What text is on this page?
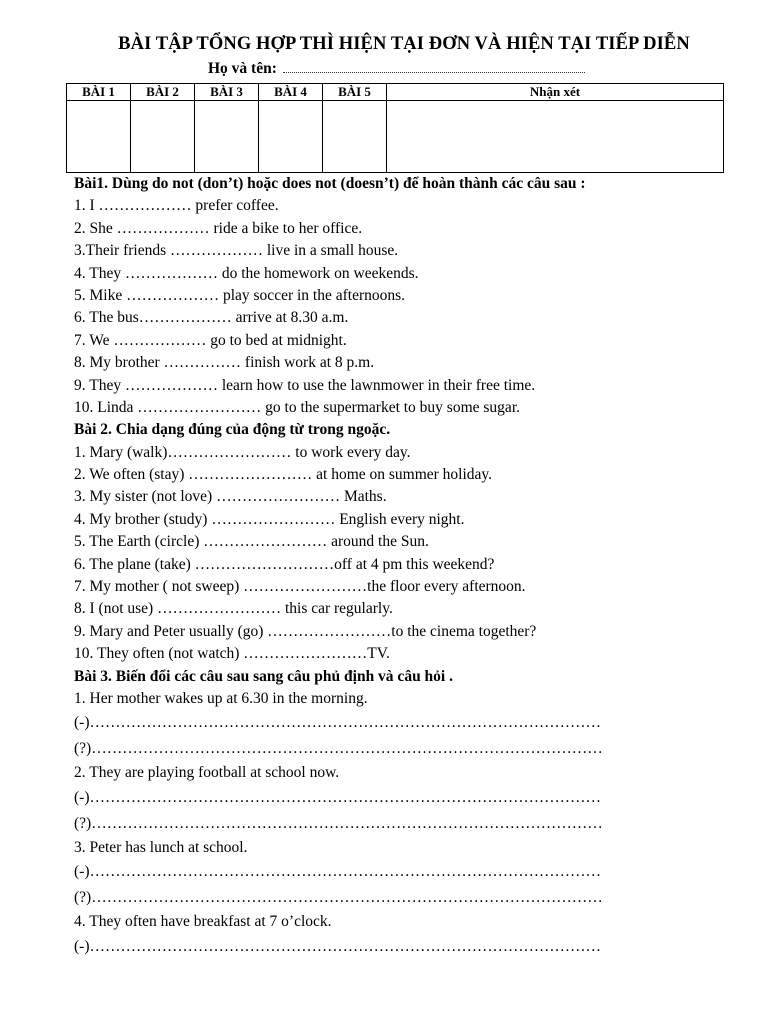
BÀI TẬP TỔNG HỢP THÌ HIỆN TẠI ĐƠN VÀ HIỆN TẠI TIẾP DIỄN
Họ và tên:
BÀI 1	BÀI 2	BÀI 3	BÀI 4	BÀI 5	Nhận xét

Bài1. Dùng do not (don’t) hoặc does not (doesn’t) để hoàn thành các câu sau :
1. I ……………… prefer coffee.
2. She ……………… ride a bike to her office.
3.Their friends ……………… live in a small house.
4. They ……………… do the homework on weekends.
5. Mike ……………… play soccer in the afternoons.
6. The bus……………… arrive at 8.30 a.m.
7. We ……………… go to bed at midnight.
8. My brother …………… finish work at 8 p.m.
9. They ……………… learn how to use the lawnmower in their free time.
10. Linda …………………… go to the supermarket to buy some sugar.
Bài 2. Chia dạng đúng của động từ trong ngoặc.
1. Mary (walk)…………………… to work every day.
2. We often (stay) …………………… at home on summer holiday.
3. My sister (not love) …………………… Maths.
4. My brother (study) …………………… English every night.
5. The Earth (circle) …………………… around the Sun.
6. The plane (take) ………………………off at 4 pm this weekend?
7. My mother ( not sweep) ……………………the floor every afternoon.
8. I (not use) …………………… this car regularly.
9. Mary and Peter usually (go) ……………………to the cinema together?
10. They often (not watch) ……………………TV.
Bài 3. Biến đổi các câu sau sang câu phủ định và câu hỏi .
1. Her mother wakes up at 6.30 in the morning.
(-)………………………………………………………………………………………
(?)………………………………………………………………………………………
2. They are playing football at school now.
(-)………………………………………………………………………………………
(?)………………………………………………………………………………………
3. Peter has lunch at school.
(-)………………………………………………………………………………………
(?)………………………………………………………………………………………
4. They often have breakfast at 7 o’clock.
(-)………………………………………………………………………………………
